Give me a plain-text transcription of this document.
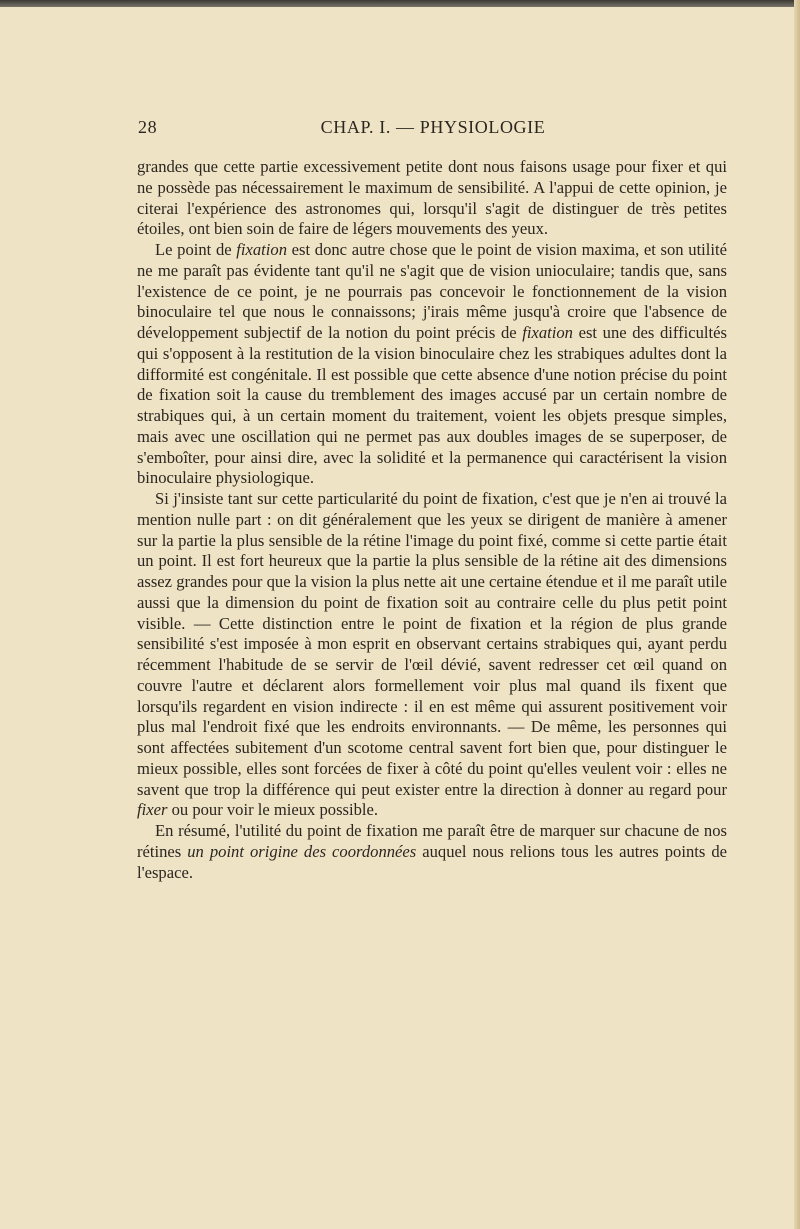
28	CHAP. I. — PHYSIOLOGIE

grandes que cette partie excessivement petite dont nous faisons usage pour fixer et qui ne possède pas nécessairement le maximum de sensibilité. A l'appui de cette opinion, je citerai l'expérience des astronomes qui, lorsqu'il s'agit de distinguer de très petites étoiles, ont bien soin de faire de légers mouvements des yeux.

Le point de fixation est donc autre chose que le point de vision maxima, et son utilité ne me paraît pas évidente tant qu'il ne s'agit que de vision unioculaire; tandis que, sans l'existence de ce point, je ne pourrais pas concevoir le fonctionnement de la vision binoculaire tel que nous le connaissons; j'irais même jusqu'à croire que l'absence de développement subjectif de la notion du point précis de fixation est une des difficultés qui s'opposent à la restitution de la vision binoculaire chez les strabiques adultes dont la difformité est congénitale. Il est possible que cette absence d'une notion précise du point de fixation soit la cause du tremblement des images accusé par un certain nombre de strabiques qui, à un certain moment du traitement, voient les objets presque simples, mais avec une oscillation qui ne permet pas aux doubles images de se superposer, de s'emboîter, pour ainsi dire, avec la solidité et la permanence qui caractérisent la vision binoculaire physiologique.

Si j'insiste tant sur cette particularité du point de fixation, c'est que je n'en ai trouvé la mention nulle part : on dit généralement que les yeux se dirigent de manière à amener sur la partie la plus sensible de la rétine l'image du point fixé, comme si cette partie était un point. Il est fort heureux que la partie la plus sensible de la rétine ait des dimensions assez grandes pour que la vision la plus nette ait une certaine étendue et il me paraît utile aussi que la dimension du point de fixation soit au contraire celle du plus petit point visible. — Cette distinction entre le point de fixation et la région de plus grande sensibilité s'est imposée à mon esprit en observant certains strabiques qui, ayant perdu récemment l'habitude de se servir de l'œil dévié, savent redresser cet œil quand on couvre l'autre et déclarent alors formellement voir plus mal quand ils fixent que lorsqu'ils regardent en vision indirecte : il en est même qui assurent positivement voir plus mal l'endroit fixé que les endroits environnants. — De même, les personnes qui sont affectées subitement d'un scotome central savent fort bien que, pour distinguer le mieux possible, elles sont forcées de fixer à côté du point qu'elles veulent voir : elles ne savent que trop la différence qui peut exister entre la direction à donner au regard pour fixer ou pour voir le mieux possible.

En résumé, l'utilité du point de fixation me paraît être de marquer sur chacune de nos rétines un point origine des coordonnées auquel nous relions tous les autres points de l'espace.
